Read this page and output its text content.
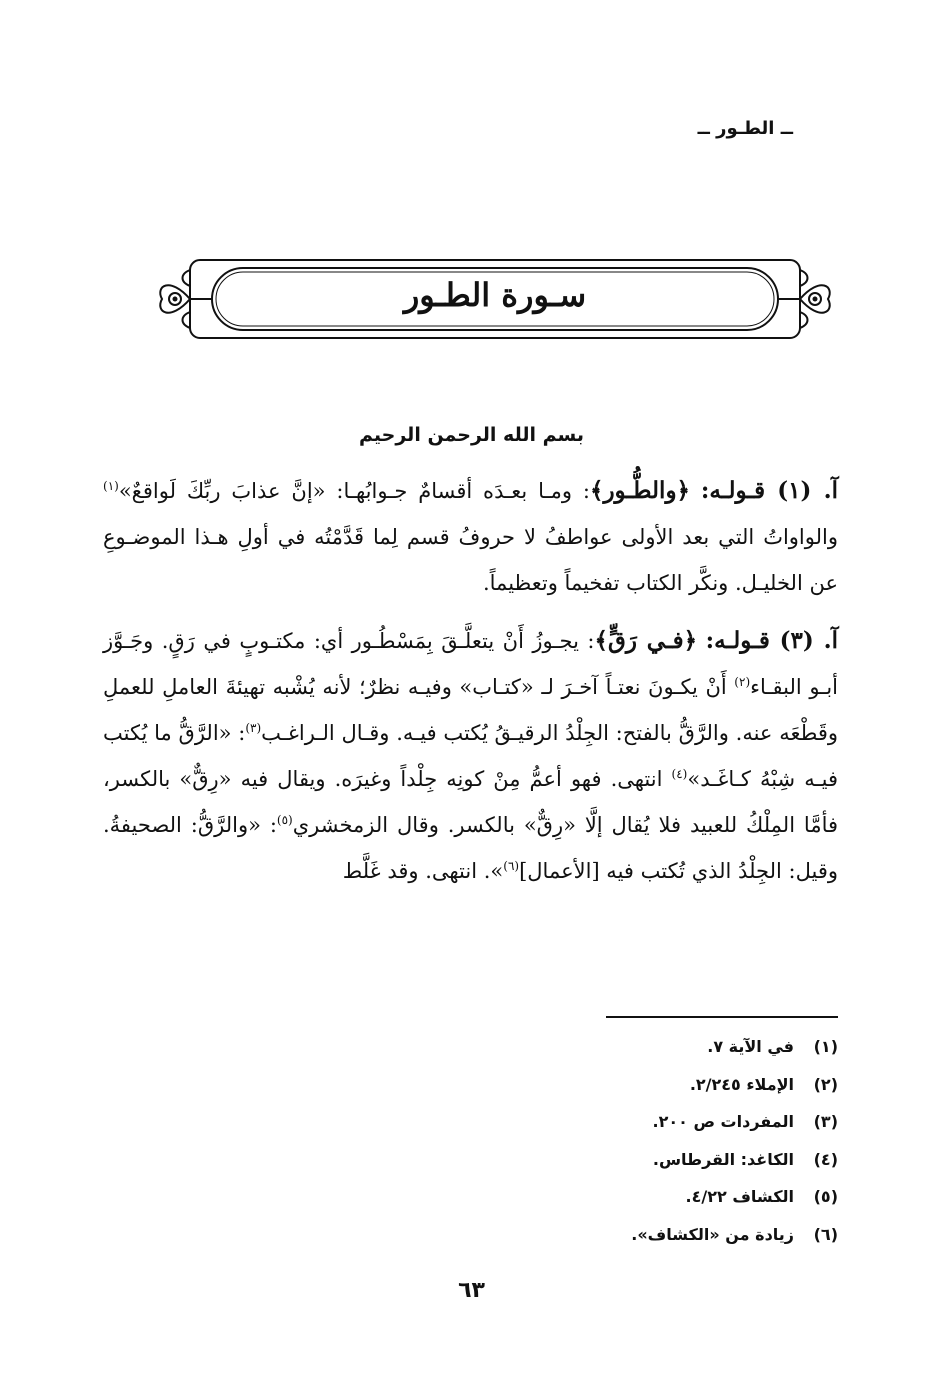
ــ الطـور ــ
سـورة الطـور
بسم الله الرحمن الرحيم

آ. (١) قـولـه: ﴿والطُّـور﴾: ومـا بعـدَه أقسامٌ جـوابُهـا: «إنَّ عذابَ ربِّكَ لَواقعٌ»$^{(١)}$ والواواتُ التي بعد الأولى عواطفُ لا حروفُ قسم لِما قَدَّمْتُه في أولِ هـذا الموضـوعِ عن الخليـل. ونكَّر الكتاب تفخيماً وتعظيماً.

آ. (٣) قـولـه: ﴿فـي رَقٍّ﴾: يجـوزُ أَنْ يتعلَّـقَ بِمَسْطُـور أي: مكتـوبٍ في رَقٍ. وجَـوَّز أبـو البقـاء$^{(٢)}$ أَنْ يكـونَ نعتـاً آخـرَ لـ «كتـاب» وفيـه نظرٌ؛ لأنه يُشْبه تهيئةَ العاملِ للعملِ وقَطْعَه عنه. والرَّقُّ بالفتح: الجِلْدُ الرقيـقُ يُكتب فيـه. وقـال الـراغـب$^{(٣)}$: «الرَّقُّ ما يُكتب فيـه شِبْهُ كـاغَـد»$^{(٤)}$ انتهى. فهو أعمُّ مِنْ كونِه جِلْداً وغيرَه. ويقال فيه «رِقٌّ» بالكسر، فأمَّا المِلْكُ للعبيد فلا يُقال إلَّا «رِقٌّ» بالكسر. وقال الزمخشري$^{(٥)}$: «والرَّقُّ: الصحيفةُ. وقيل: الجِلْدُ الذي تُكتب فيه [الأعمال]$^{(٦)}$». انتهى. وقد غَلَّط

(١)
في الآية ٧.
(٢)
الإملاء ٢/٢٤٥.
(٣)
المفردات ص ٢٠٠.
(٤)
الكاغد: القرطاس.
(٥)
الكشاف ٤/٢٢.
(٦)
زيادة من «الكشاف».
٦٣
